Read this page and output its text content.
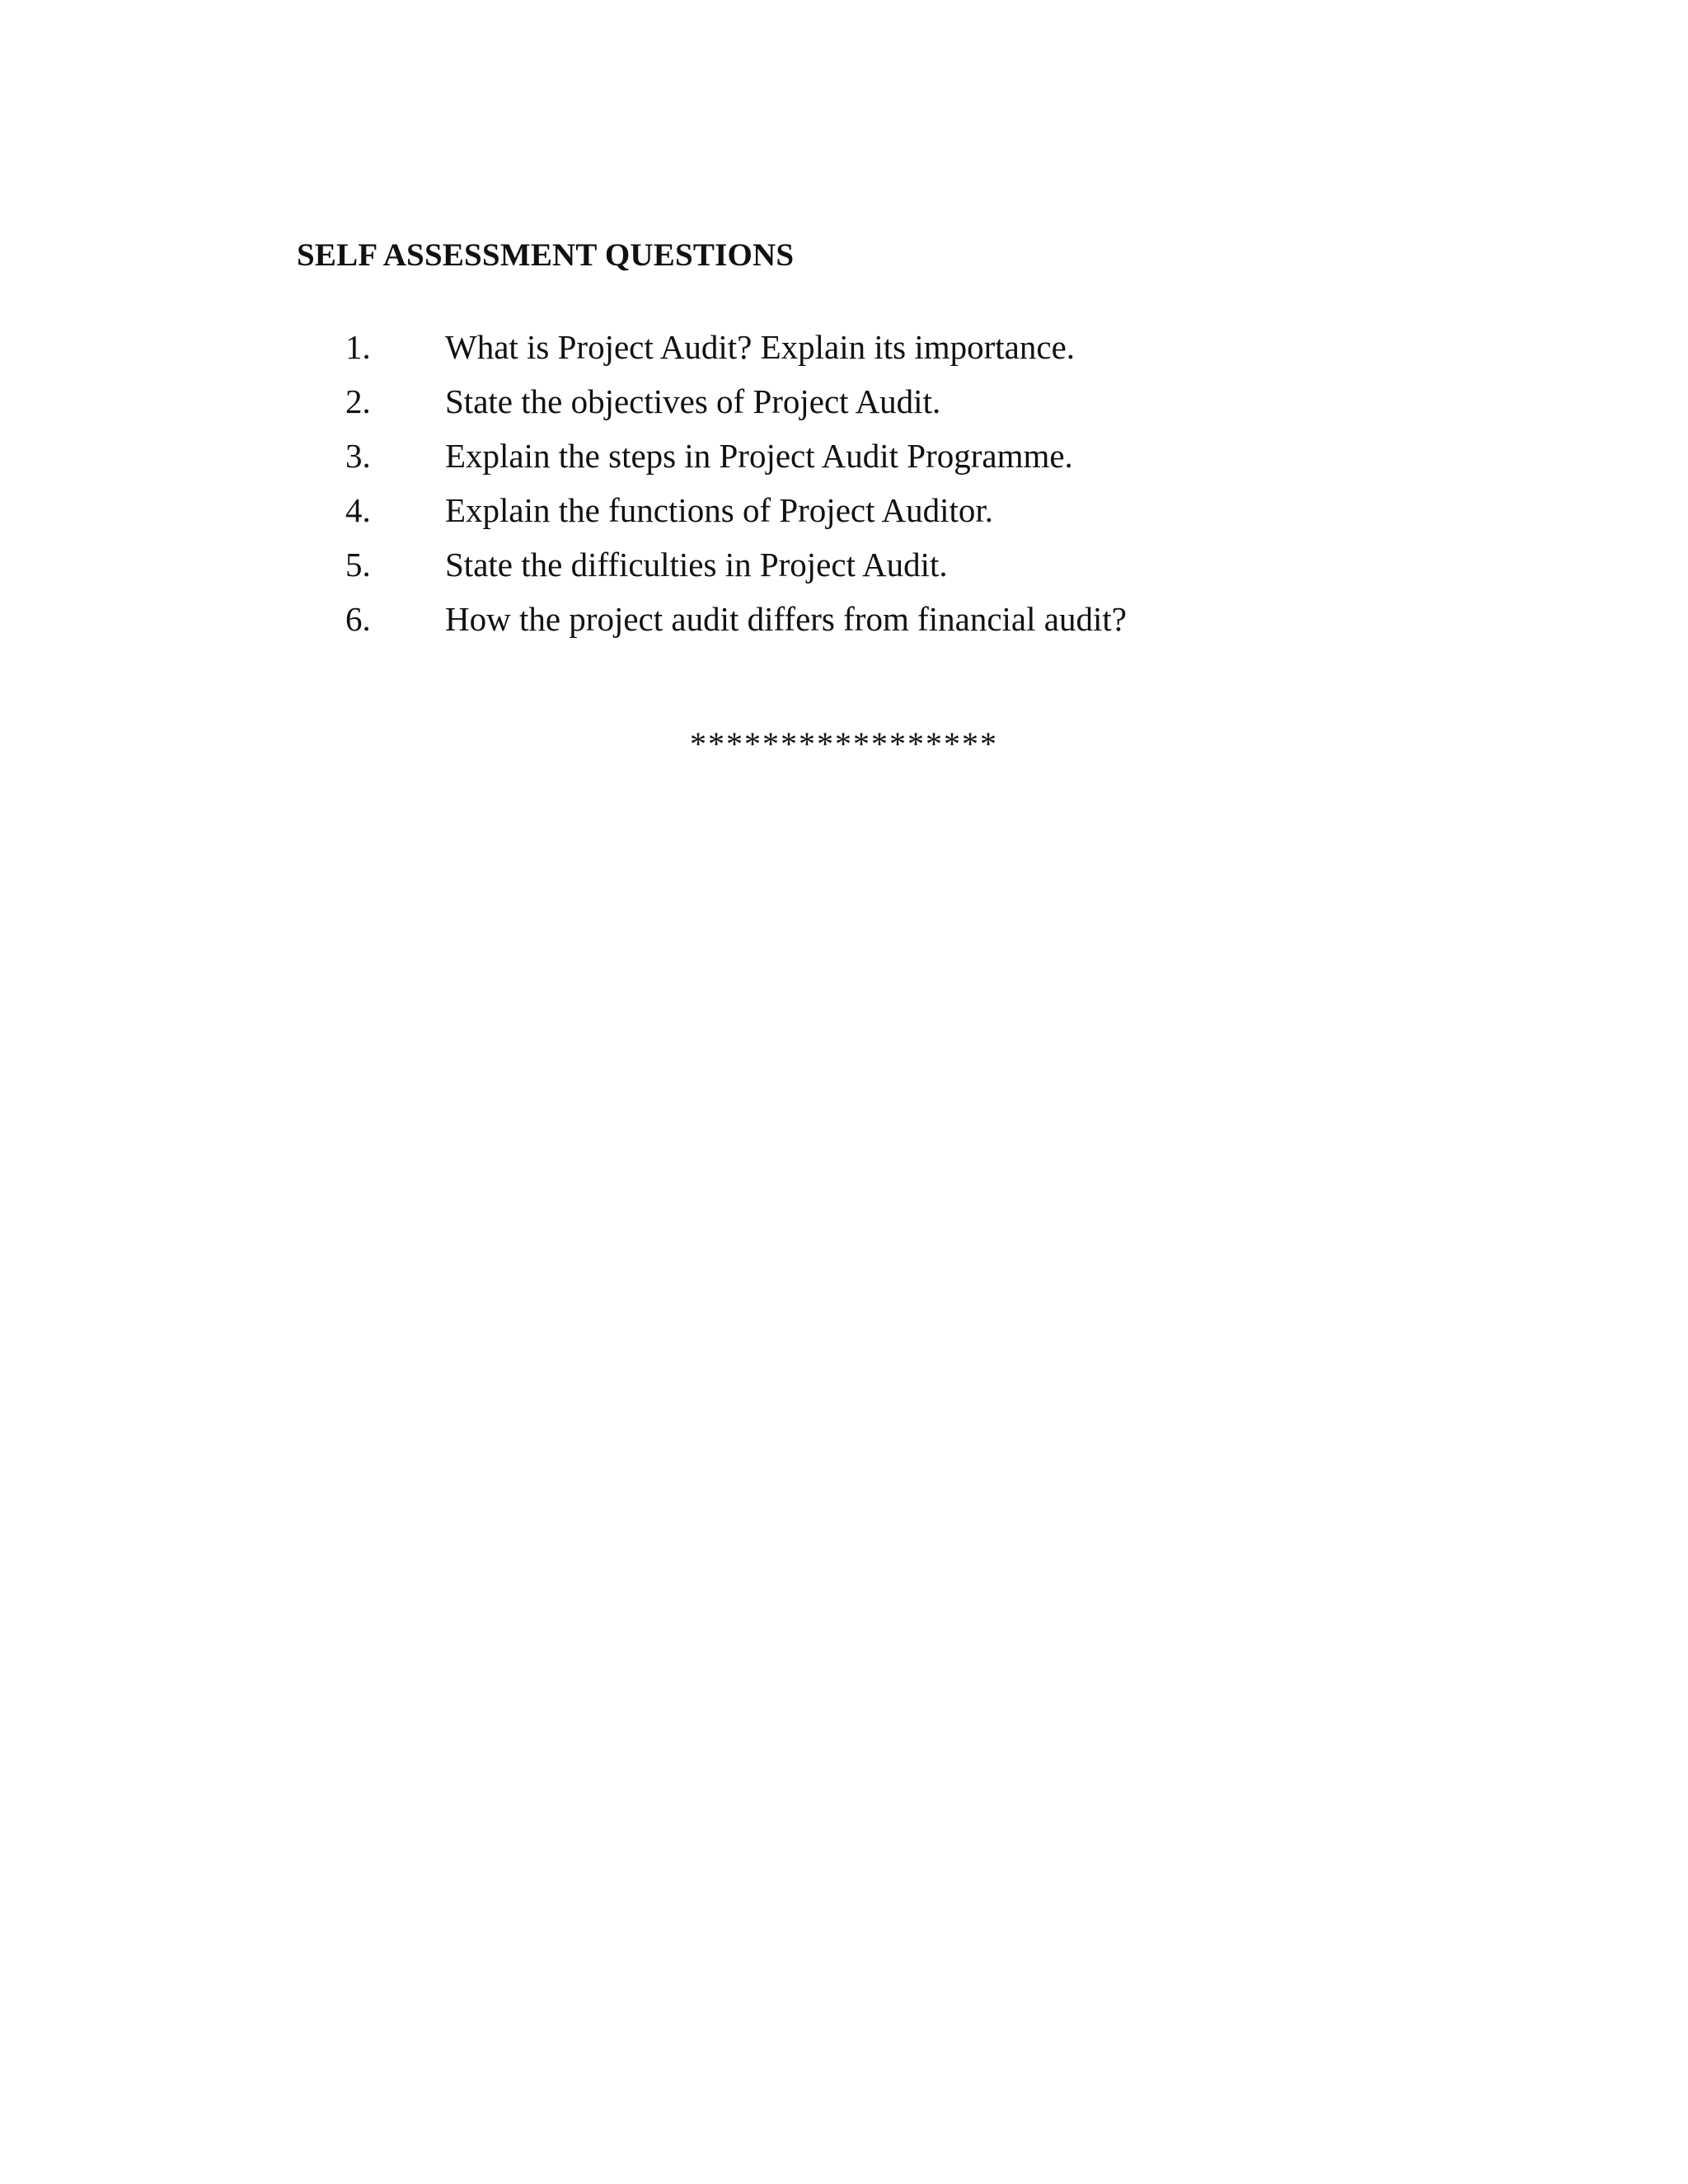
SELF ASSESSMENT QUESTIONS
1. What is Project Audit? Explain its importance.
2. State the objectives of Project Audit.
3. Explain the steps in Project Audit Programme.
4. Explain the functions of Project Auditor.
5. State the difficulties in Project Audit.
6. How the project audit differs from financial audit?
*****************
